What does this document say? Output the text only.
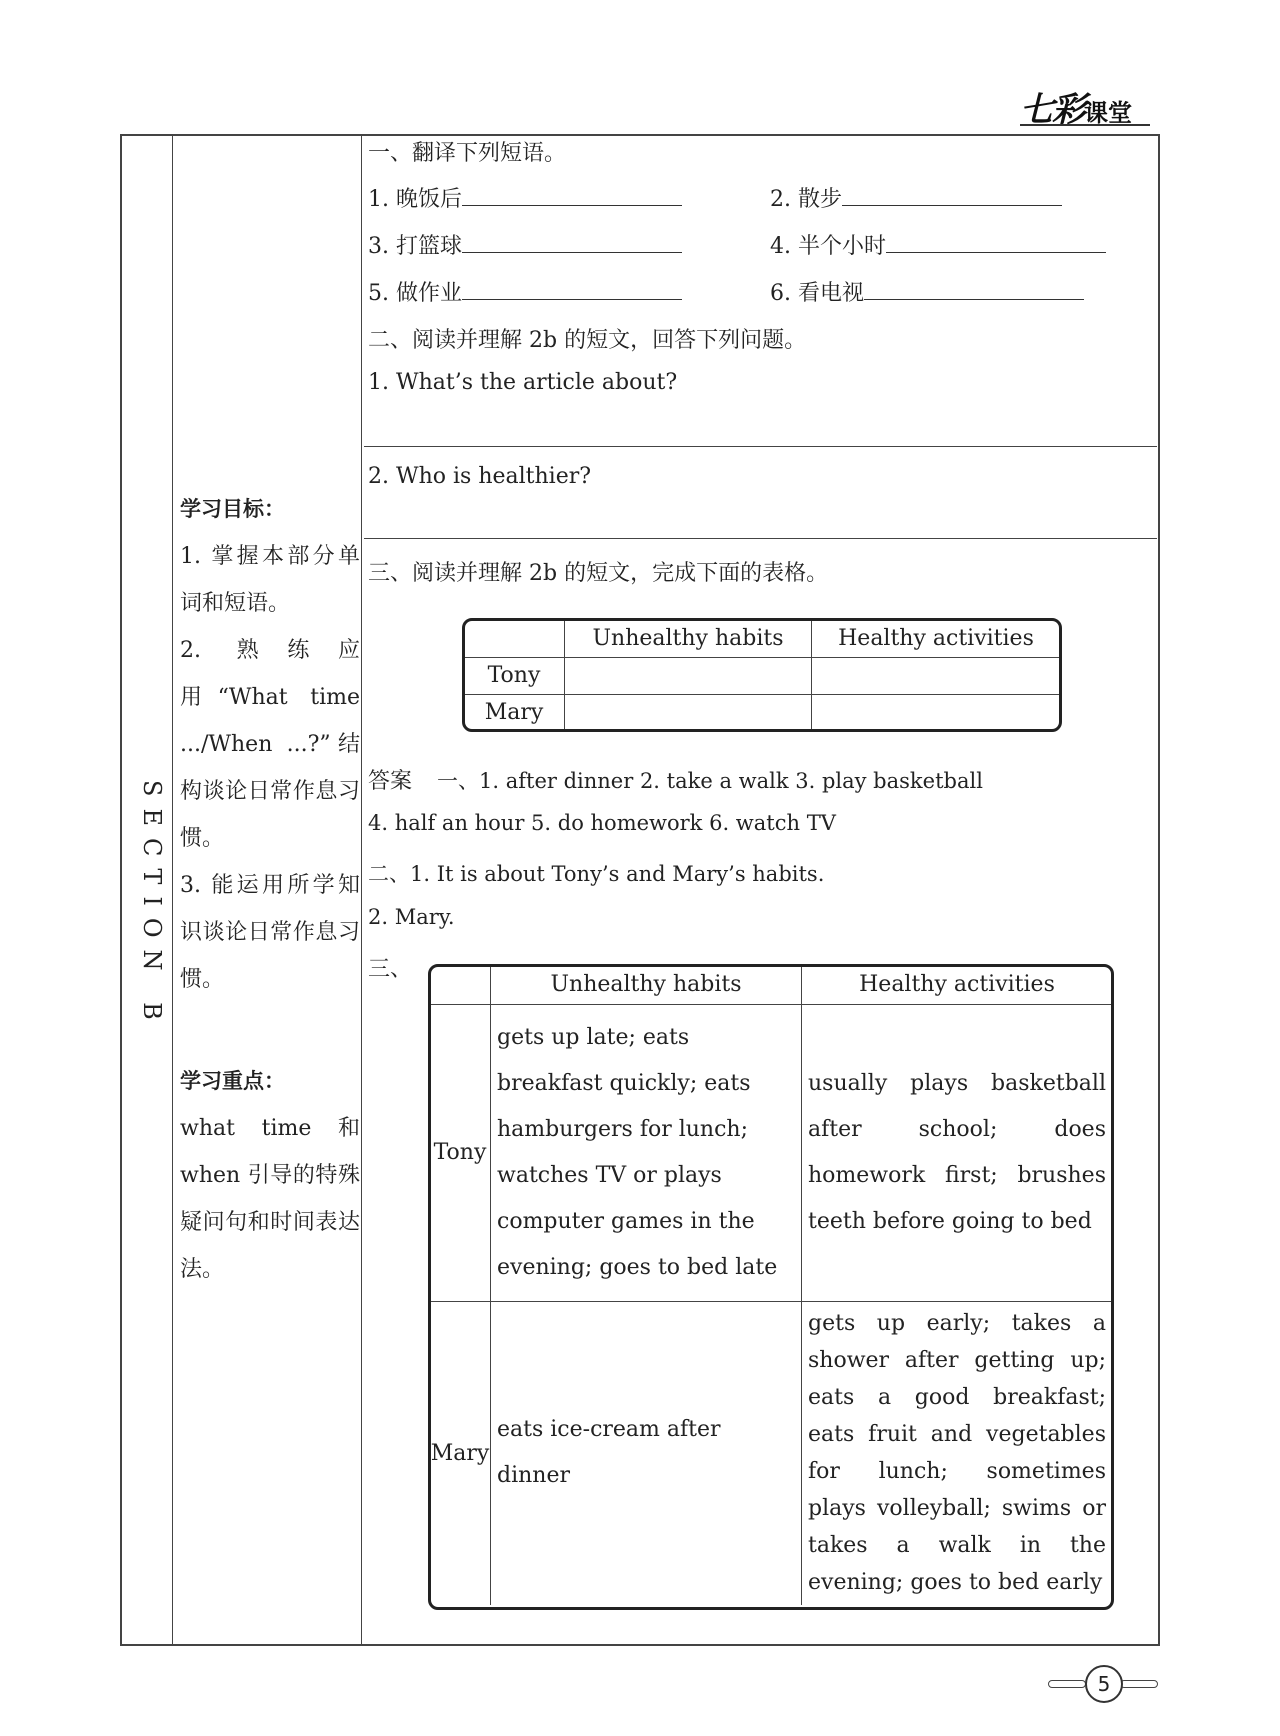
七彩课堂
SECTION B

学习目标：

1. 掌握本部分单词和短语。

2. 熟练应用“What time .../When ...?”结构谈论日常作息习惯。

3. 能运用所学知识谈论日常作息习惯。

学习重点：

what time 和 when 引导的特殊疑问句和时间表达法。

一、翻译下列短语。
1. 晚饭后	2. 散步
3. 打篮球	4. 半个小时
5. 做作业	6. 看电视
二、阅读并理解 2b 的短文，回答下列问题。
1. What’s the article about?
2. Who is healthier?
三、阅读并理解 2b 的短文，完成下面的表格。
	Unhealthy habits	Healthy activities
Tony		
Mary		
答案 一、1. after dinner 2. take a walk 3. play basketball
4. half an hour 5. do homework 6. watch TV
二、1. It is about Tony’s and Mary’s habits.
2. Mary.
三、
	Unhealthy habits	Healthy activities
Tony	gets up late; eats breakfast quickly; eats hamburgers for lunch; watches TV or plays computer games in the evening; goes to bed late	usually plays basketball after school; does homework first; brushes teeth before going to bed

Mary	eats ice-cream after dinner	gets up early; takes a shower after getting up; eats a good breakfast; eats fruit and vegetables for lunch; sometimes plays volleyball; swims or takes a walk in the evening; goes to bed early
5
